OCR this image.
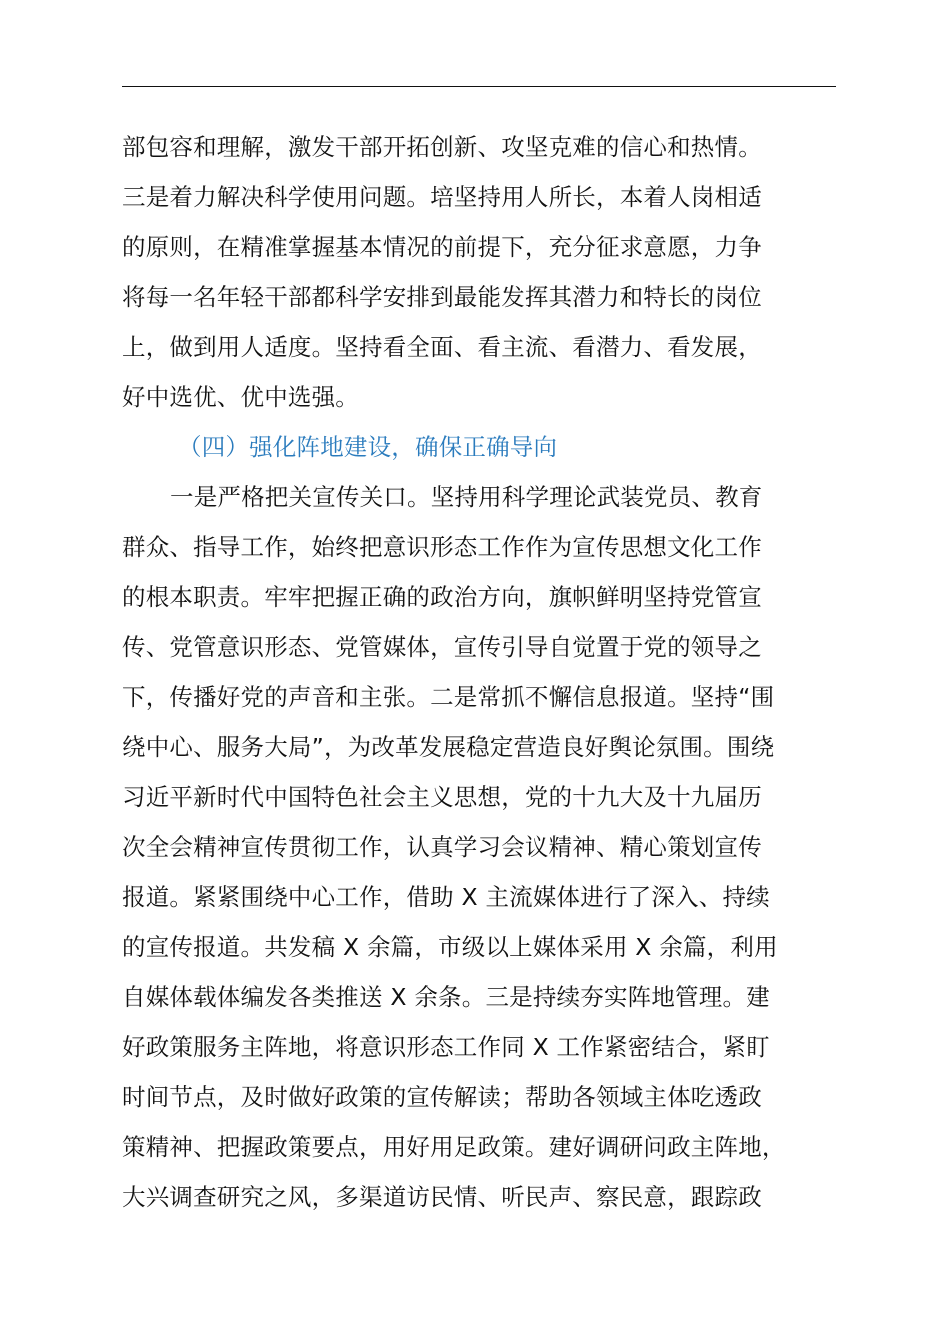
部包容和理解，激发干部开拓创新、攻坚克难的信心和热情。
三是着力解决科学使用问题。培坚持用人所长，本着人岗相适
的原则，在精准掌握基本情况的前提下，充分征求意愿，力争
将每一名年轻干部都科学安排到最能发挥其潜力和特长的岗位
上，做到用人适度。坚持看全面、看主流、看潜力、看发展，
好中选优、优中选强。
（四）强化阵地建设，确保正确导向
一是严格把关宣传关口。坚持用科学理论武装党员、教育
群众、指导工作，始终把意识形态工作作为宣传思想文化工作
的根本职责。牢牢把握正确的政治方向，旗帜鲜明坚持党管宣
传、党管意识形态、党管媒体，宣传引导自觉置于党的领导之
下，传播好党的声音和主张。二是常抓不懈信息报道。坚持“围
绕中心、服务大局”，为改革发展稳定营造良好舆论氛围。围绕
习近平新时代中国特色社会主义思想，党的十九大及十九届历
次全会精神宣传贯彻工作，认真学习会议精神、精心策划宣传
报道。紧紧围绕中心工作，借助 X 主流媒体进行了深入、持续
的宣传报道。共发稿 X 余篇，市级以上媒体采用 X 余篇，利用
自媒体载体编发各类推送 X 余条。三是持续夯实阵地管理。建
好政策服务主阵地，将意识形态工作同 X 工作紧密结合，紧盯
时间节点，及时做好政策的宣传解读；帮助各领域主体吃透政
策精神、把握政策要点，用好用足政策。建好调研问政主阵地，
大兴调查研究之风，多渠道访民情、听民声、察民意，跟踪政
